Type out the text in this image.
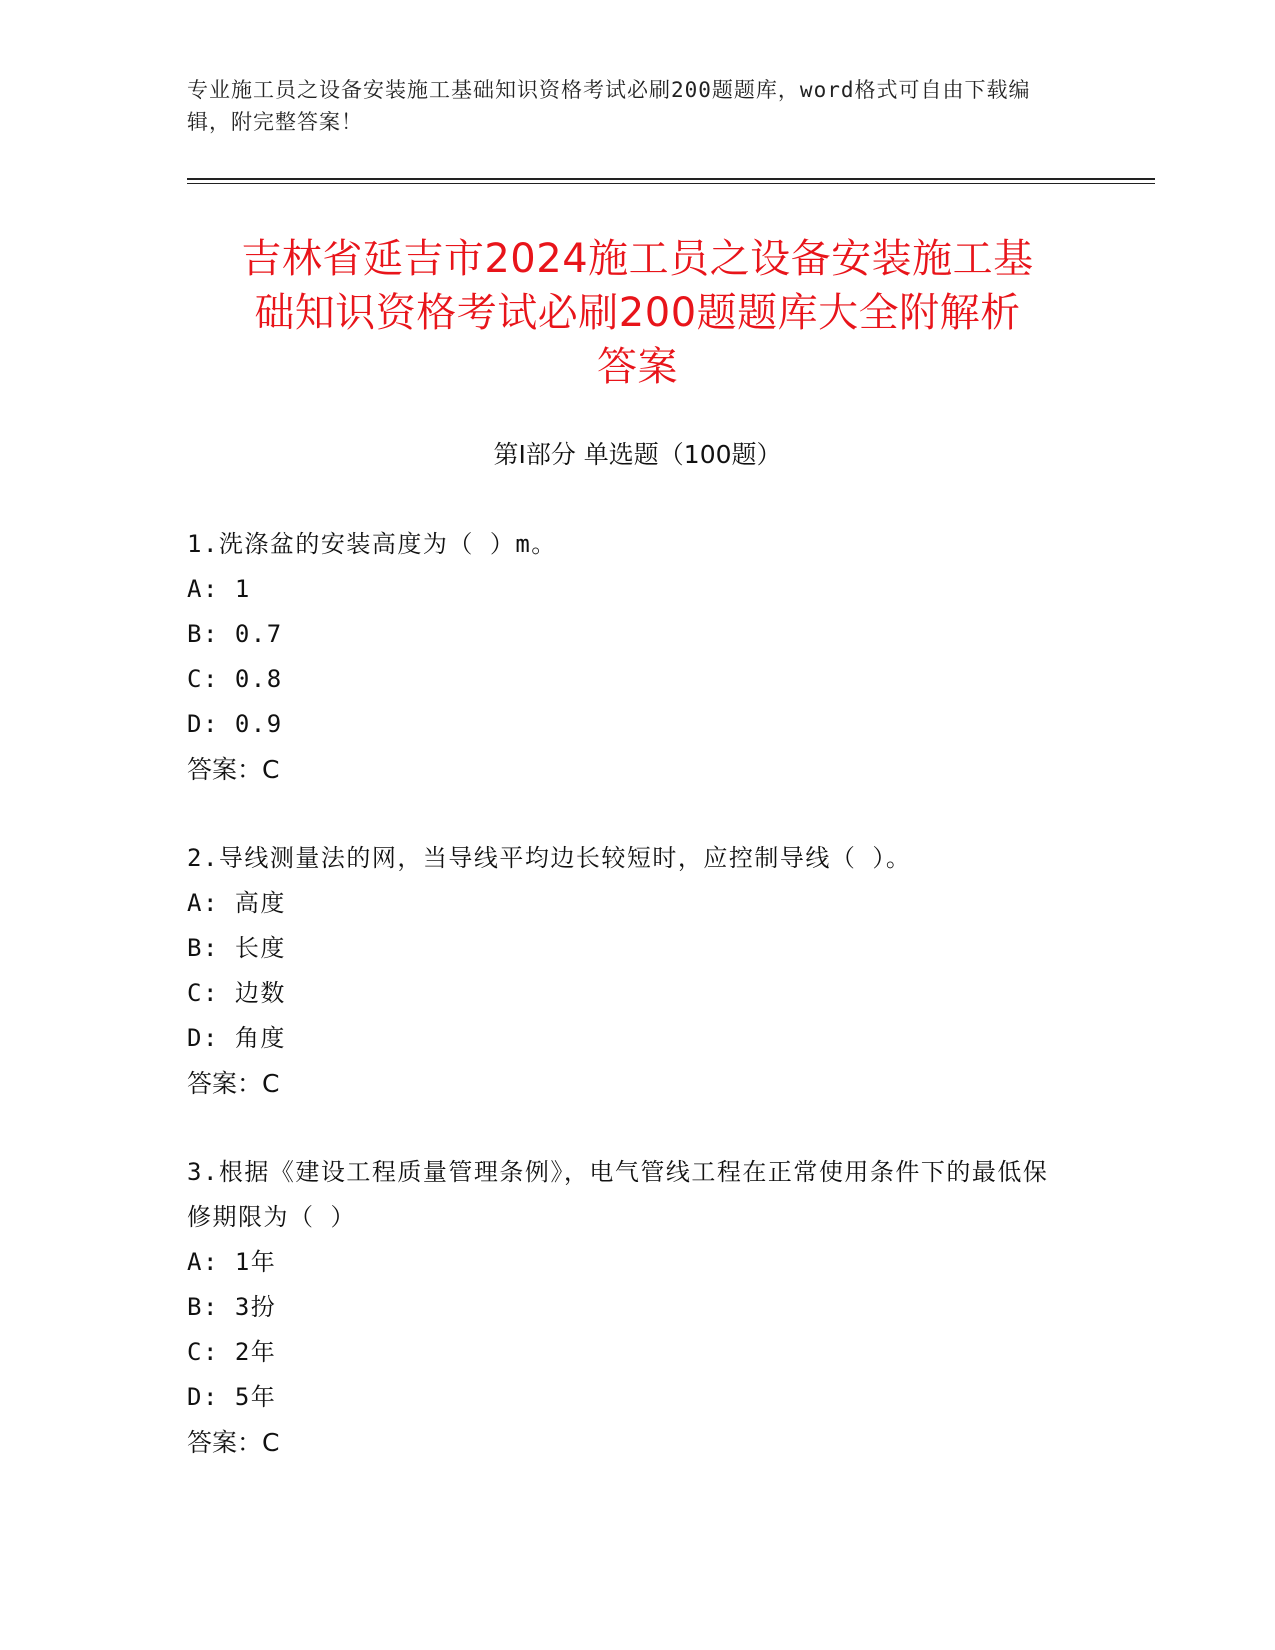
专业施工员之设备安装施工基础知识资格考试必刷200题题库，word格式可自由下载编辑，附完整答案！
吉林省延吉市2024施工员之设备安装施工基
础知识资格考试必刷200题题库大全附解析
答案
第Ⅰ部分 单选题（100题）
1.洗涤盆的安装高度为（ ）m。
A: 1
B: 0.7
C: 0.8
D: 0.9
答案：C
2.导线测量法的网，当导线平均边长较短时，应控制导线（ ）。
A: 高度
B: 长度
C: 边数
D: 角度
答案：C
3.根据《建设工程质量管理条例》，电气管线工程在正常使用条件下的最低保修期限为（ ）
A: 1年
B: 3扮
C: 2年
D: 5年
答案：C
